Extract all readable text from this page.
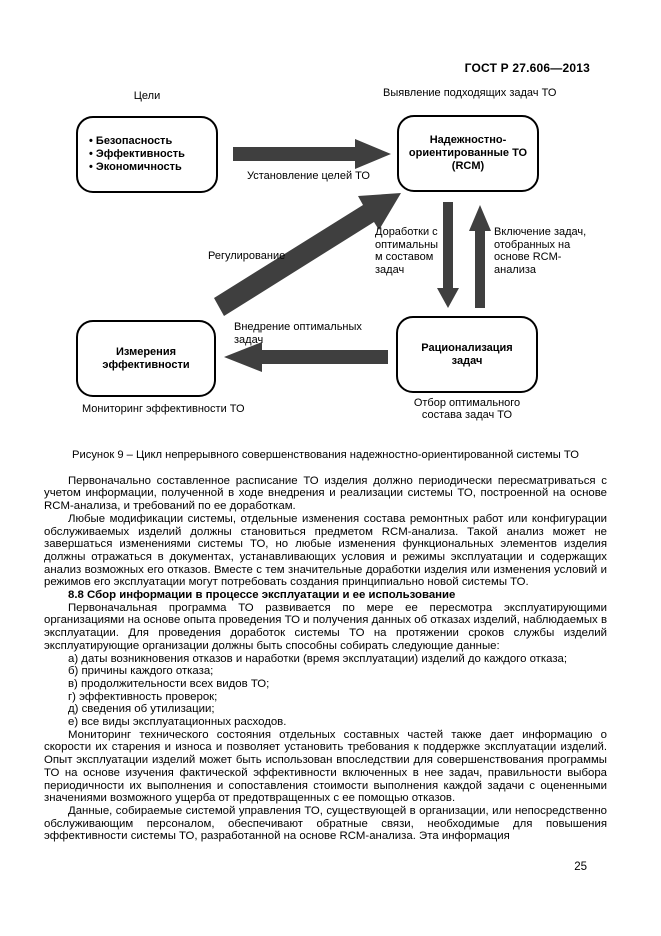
ГОСТ Р 27.606—2013
Цели	Выявление подходящих задач ТО
• Безопасность
• Эффективность
• Экономичность
Надежностно-
ориентированные ТО
(RCM)
Установление целей ТО
Доработки с
оптимальны
м составом
задач
Включение задач,
отобранных на
основе RCM-
анализа
Регулирование
Внедрение оптимальных
задач
Измерения
эффективности
Рационализация
задач
Мониторинг эффективности ТО	Отбор оптимального
состава задач ТО
Рисунок 9 – Цикл непрерывного совершенствования надежностно-ориентированной системы ТО

Первоначально составленное расписание ТО изделия должно периодически пересматриваться с учетом информации, полученной в ходе внедрения и реализации системы ТО, построенной на основе RCM-анализа, и требований по ее доработкам.

Любые модификации системы, отдельные изменения состава ремонтных работ или конфигурации обслуживаемых изделий должны становиться предметом RCM-анализа. Такой анализ может не завершаться изменениями системы ТО, но любые изменения функциональных элементов изделия должны отражаться в документах, устанавливающих условия и режимы эксплуатации и содержащих анализ возможных его отказов. Вместе с тем значительные доработки изделия или изменения условий и режимов его эксплуатации могут потребовать создания принципиально новой системы ТО.

8.8 Сбор информации в процессе эксплуатации и ее использование

Первоначальная программа ТО развивается по мере ее пересмотра эксплуатирующими организациями на основе опыта проведения ТО и получения данных об отказах изделий, наблюдаемых в эксплуатации. Для проведения доработок системы ТО на протяжении сроков службы изделий эксплуатирующие организации должны быть способны собирать следующие данные:

а) даты возникновения отказов и наработки (время эксплуатации) изделий до каждого отказа;
б) причины каждого отказа;
в) продолжительности всех видов ТО;
г) эффективность проверок;
д) сведения об утилизации;
е) все виды эксплуатационных расходов.

Мониторинг технического состояния отдельных составных частей также дает информацию о скорости их старения и износа и позволяет установить требования к поддержке эксплуатации изделий. Опыт эксплуатации изделий может быть использован впоследствии для совершенствования программы ТО на основе изучения фактической эффективности включенных в нее задач, правильности выбора периодичности их выполнения и сопоставления стоимости выполнения каждой задачи с оцененными значениями возможного ущерба от предотвращенных с ее помощью отказов.

Данные, собираемые системой управления ТО, существующей в организации, или непосредственно обслуживающим персоналом, обеспечивают обратные связи, необходимые для повышения эффективности системы ТО, разработанной на основе RCM-анализа. Эта информация

25
